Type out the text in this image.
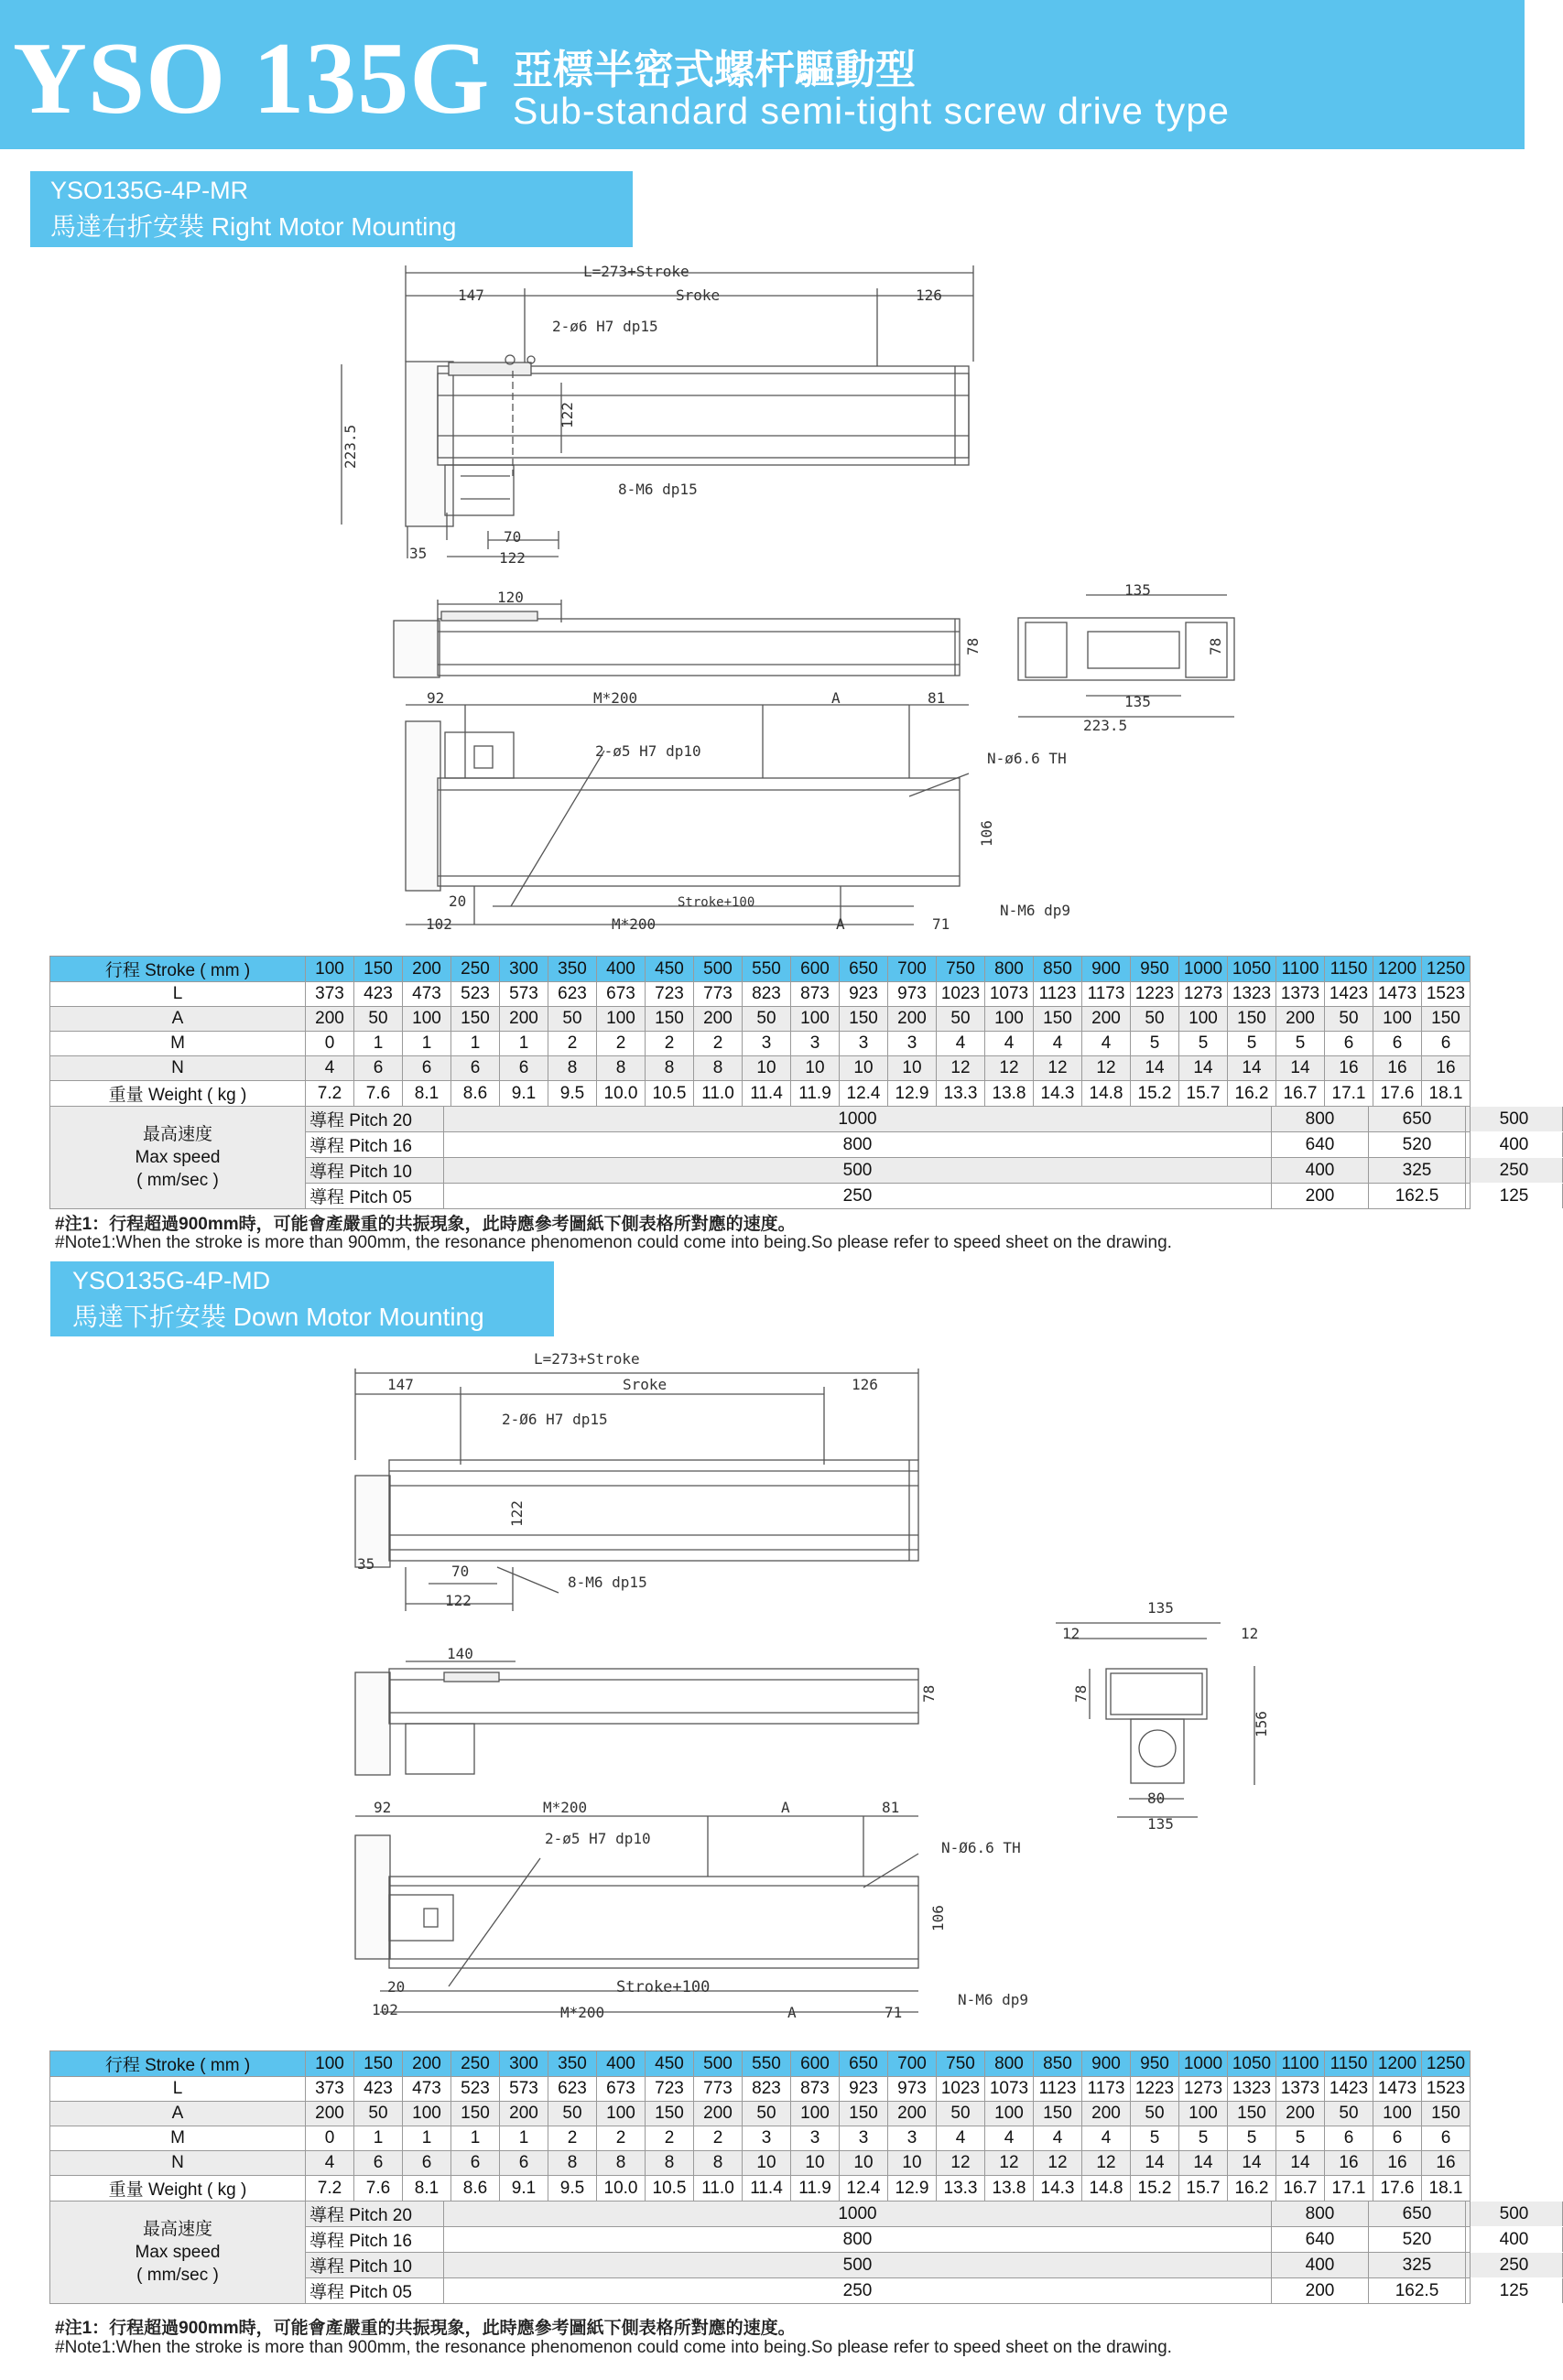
YSO 135G 亞標半密式螺杆驅動型
Sub-standard semi-tight screw drive type
YSO135G-4P-MR
馬達右折安裝 Right Motor Mounting
L=273+Stroke
147	Sroke	126
2-ø6 H7 dp15
8-M6 dp15
70
122
35
223.5
122
120
78
135
135
223.5
78
92	M*200	A	81
2-ø5 H7 dp10	N-ø6.6 TH
106
20	Stroke+100
102	M*200	A	71
N-M6 dp9
行程 Stroke ( mm )	100	150	200	250	300	350	400	450	500	550	600	650	700	750	800	850	900	950	1000	1050	1100	1150	1200	1250
L	373	423	473	523	573	623	673	723	773	823	873	923	973	1023	1073	1123	1173	1223	1273	1323	1373	1423	1473	1523
A	200	50	100	150	200	50	100	150	200	50	100	150	200	50	100	150	200	50	100	150	200	50	100	150
M	0	1	1	1	1	2	2	2	2	3	3	3	3	4	4	4	4	5	5	5	5	6	6	6
N	4	6	6	6	6	8	8	8	8	10	10	10	10	12	12	12	12	14	14	14	14	16	16	16
重量 Weight ( kg )	7.2	7.6	8.1	8.6	9.1	9.5	10.0	10.5	11.0	11.4	11.9	12.4	12.9	13.3	13.8	14.3	14.8	15.2	15.7	16.2	16.7	17.1	17.6	18.1

最高速度
Max speed
( mm/sec )

導程 Pitch 20	1000	800	650	500	

導程 Pitch 16	800	640	520	400	

導程 Pitch 10	500	400	325	250	

導程 Pitch 05	250	200	162.5	125	
#注1：行程超過900mm時，可能會產嚴重的共振現象，此時應參考圖紙下側表格所對應的速度。
#Note1:When the stroke is more than 900mm, the resonance phenomenon could come into being.So please refer to speed sheet on the drawing.
YSO135G-4P-MD
馬達下折安裝 Down Motor Mounting
L=273+Stroke
147	Sroke	126
2-Ø6 H7 dp15
8-M6 dp15
35	70
122
122
140
78
135
12	12
80
135
78
156
92	M*200	A	81
2-ø5 H7 dp10
N-Ø6.6 TH
106
20	Stroke+100
102	M*200	A	71
N-M6 dp9
行程 Stroke ( mm )	100	150	200	250	300	350	400	450	500	550	600	650	700	750	800	850	900	950	1000	1050	1100	1150	1200	1250
L	373	423	473	523	573	623	673	723	773	823	873	923	973	1023	1073	1123	1173	1223	1273	1323	1373	1423	1473	1523
A	200	50	100	150	200	50	100	150	200	50	100	150	200	50	100	150	200	50	100	150	200	50	100	150
M	0	1	1	1	1	2	2	2	2	3	3	3	3	4	4	4	4	5	5	5	5	6	6	6
N	4	6	6	6	6	8	8	8	8	10	10	10	10	12	12	12	12	14	14	14	14	16	16	16
重量 Weight ( kg )	7.2	7.6	8.1	8.6	9.1	9.5	10.0	10.5	11.0	11.4	11.9	12.4	12.9	13.3	13.8	14.3	14.8	15.2	15.7	16.2	16.7	17.1	17.6	18.1

最高速度
Max speed
( mm/sec )

導程 Pitch 20	1000	800	650	500	

導程 Pitch 16	800	640	520	400	

導程 Pitch 10	500	400	325	250	

導程 Pitch 05	250	200	162.5	125	
#注1：行程超過900mm時，可能會產嚴重的共振現象，此時應參考圖紙下側表格所對應的速度。
#Note1:When the stroke is more than 900mm, the resonance phenomenon could come into being.So please refer to speed sheet on the drawing.
